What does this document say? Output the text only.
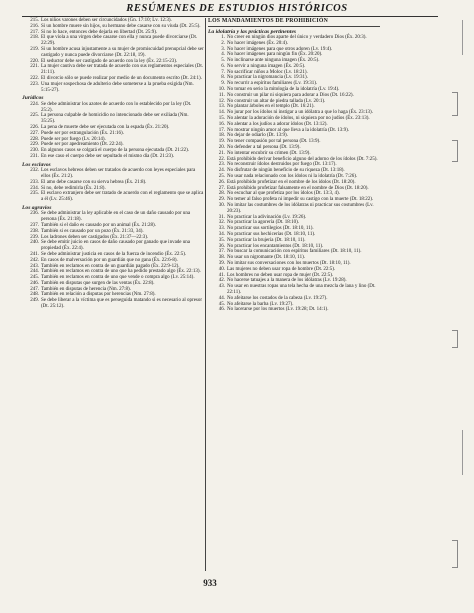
RESÚMENES DE ESTUDIOS HISTÓRICOS
215. Los niños varones deben ser circuncidados (Gn. 17:10; Lv. 12:3).
216. Si un hombre muere sin hijos, su hermano debe casarse con su viuda (Dt. 25:5).
217. Si no lo hace, entonces debe dejarla en libertad (Dt. 25:9).
218. El que viola a una virgen debe casarse con ella y nunca puede divorciarse (Dt. 22:29).
219. Si un hombre acusa injustamente a su mujer de promiscuidad prenupcial debe ser castigado y nunca puede divorciarse (Dt. 22:18, 19).
220. El seductor debe ser castigado de acuerdo con la ley (Éx. 22:15-23).
221. La mujer cautiva debe ser tratada de acuerdo con sus reglamentos especiales (Dt. 21:11).
222. El divorcio sólo se puede realizar por medio de un documento escrito (Dt. 24:1).
223. Una mujer sospechosa de adulterio debe someterse a la prueba exigida (Nm. 5:15-27).
Jurídicos
224. Se debe administrar los azotes de acuerdo con lo establecido por la ley (Dt. 25:2).
225. La persona culpable de homicidio no intencionado debe ser exiliada (Nm. 35:25).
226. La pena de muerte debe ser ejecutada con la espada (Éx. 21:20).
227. Puede ser por estrangulación (Éx. 21:16).
228. Puede ser por fuego (Lv. 20:14).
229. Puede ser por apedreamiento (Dt. 22:24).
230. En algunos casos se colgará el cuerpo de la persona ejecutada (Dt. 21:22).
231. En ese caso el cuerpo debe ser sepultado el mismo día (Dt. 21:23).
Los esclavos
232. Los esclavos hebreos deben ser tratados de acuerdo con leyes especiales para ellos (Éx. 21:2).
233. El amo debe casarse con su sierva hebrea (Éx. 21:8).
234. Si no, debe redimirla (Éx. 21:8).
235. El esclavo extranjero debe ser tratado de acuerdo con el reglamento que se aplica a él (Lv. 25:46).
Los agravios
236. Se debe administrar la ley aplicable en el caso de un daño causado por una persona (Éx. 21:18).
237. También si el daño es causado por un animal (Éx. 21:28).
238. También si es causado por un pozo (Éx. 21:33, 34).
239. Los ladrones deben ser castigados (Éx. 21:37—22:3).
240. Se debe emitir juicio en casos de daño causado por ganado que invade una propiedad (Éx. 22:4).
241. Se debe administrar justicia en casos de la fuerza de incendio (Éx. 22:5).
242. En casos de malversación por un guardián que no gana (Éx. 22:6-8).
243. También en reclamos en contra de un guardián pagado (Éx. 22:9-12).
244. También en reclamos en contra de uno que ha pedido prestado algo (Éx. 22:13).
245. También en reclamos en contra de uno que vende o compra algo (Lv. 25:14).
246. También en disputas que surgen de las ventas (Éx. 22:8).
247. También en disputas de herencia (Nm. 27:8).
248. También en relación a disputas por herencias (Nm. 27:8).
249. Se debe liberar a la víctima que es perseguida matando si es necesario al opresor (Dt. 25:12).
LOS MANDAMIENTOS DE PROHIBICIÓN
La idolatría y las prácticas pertinentes
1. No creer en ningún dios aparte del único y verdadero Dios (Éx. 20:3).
2. No hacer imágenes (Éx. 20:4).
3. No hacer imágenes para que otros adoren (Lv. 19:4).
4. No hacer imágenes para ningún fin (Éx. 20:20).
5. No inclinarse ante ninguna imagen (Éx. 20:5).
6. No servir a ninguna imagen (Éx. 20:5).
7. No sacrificar niños a Moloc (Lv. 18:21).
8. No practicar la nigromancia (Lv. 19:31).
9. No recurrir a espíritus familiares (Lv. 19:31).
10. No tomar en serio la mitología de la idolatría (Lv. 19:4).
11. No construir un pilar ni siquiera para adorar a Dios (Dt. 16:22).
12. No construir un altar de piedra tallada (Lv. 20:1).
13. No plantar árboles en el templo (Dt. 16:21).
14. No jurar por los ídolos ni instigar a un idólatra a que lo haga (Éx. 23:13).
15. No alentar la adoración de ídolos, ni siquiera por no judíos (Éx. 23:13).
16. No alentar a los judíos a adorar ídolos (Dt. 13:12).
17. No mostrar ningún amor al que lleva a la idolatría (Dt. 13:9).
18. No dejar de odiarlo (Dt. 13:9).
19. No tener compasión por tal persona (Dt. 13:9).
20. No defender a tal persona (Dt. 13:9).
21. No intentar encubrir su crimen (Dt. 13:9).
22. Está prohibido derivar beneficio alguno del adorno de los ídolos (Dt. 7:25).
23. No reconstruir ídolos destruidos por fuego (Dt. 13:17).
24. No disfrutar de ningún beneficio de su riqueza (Dt. 13:18).
25. No usar nada relacionado con los ídolos ni la idolatría (Dt. 7:26).
26. Está prohibido profetizar en el nombre de los ídolos (Dt. 18:20).
27. Está prohibido profetizar falsamente en el nombre de Dios (Dt. 18:20).
28. No escuchar al que profetiza por los ídolos (Dt. 13:3, 4).
29. No temer al falso profeta ni impedir su castigo con la muerte (Dt. 18:22).
30. No imitar las costumbres de los idólatras ni practicar sus costumbres (Lv. 20:23).
31. No practicar la adivinación (Lv. 19:26).
32. No practicar la agorería (Dt. 18:10).
33. No practicar sus sortilegios (Dt. 18:10, 11).
34. No practicar sus hechicerías (Dt. 18:10, 11).
35. No practicar la brujería (Dt. 18:10, 11).
36. No practicar los encantamientos (Dt. 18:10, 11).
37. No buscar la comunicación con espíritus familiares (Dt. 18:10, 11).
38. No usar un nigromante (Dt. 18:10, 11).
39. No imitar sus conversaciones con los muertos (Dt. 18:10, 11).
40. Las mujeres no deben usar ropa de hombre (Dt. 22:5).
41. Los hombres no deben usar ropa de mujer (Dt. 22:5).
42. No hacerse tatuajes a la manera de los idólatras (Lv. 19:28).
43. No usar en nuestras ropas una tela hecha de una mezcla de lana y lino (Dt. 22:11).
44. No afeitarse los costados de la cabeza (Lv. 19:27).
45. No afeitarse la barba (Lv. 19:27).
46. No lacerarse por los muertos (Lv. 19:28; Dt. 14:1).
933
